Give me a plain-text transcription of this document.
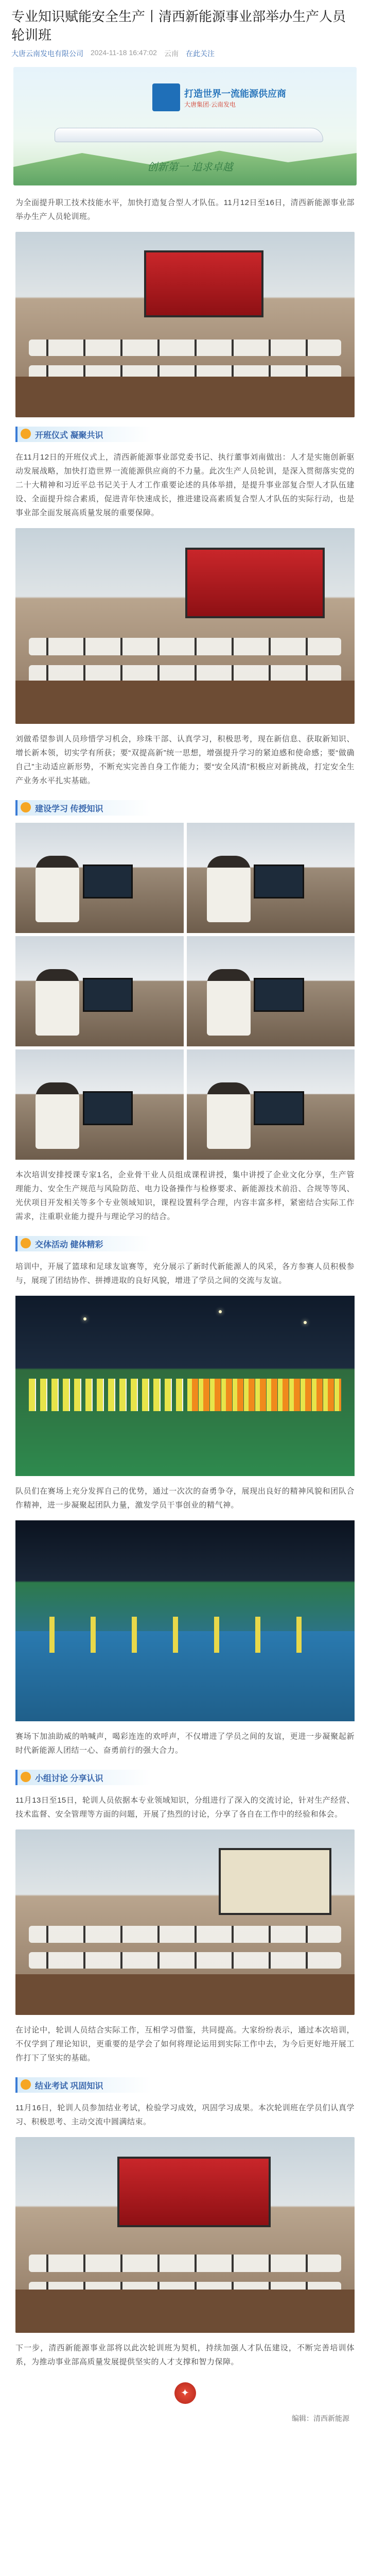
专业知识赋能安全生产丨清西新能源事业部举办生产人员轮训班
大唐云南发电有限公司 2024-11-18 16:47:02 云南 在此关注
打造世界一流能源供应商
大唐集团·云南发电
创新第一 追求卓越
为全面提升职工技术技能水平，加快打造复合型人才队伍。11月12日至16日，清西新能源事业部举办生产人员轮训班。
开班仪式 凝聚共识
在11月12日的开班仪式上，清西新能源事业部党委书记、执行董事刘南做出：人才是实施创新驱动发展战略，加快打造世界一流能源供应商的不力量。此次生产人员轮训，是深入贯彻落实党的二十大精神和习近平总书记关于人才工作重要论述的具体举措，是提升事业部复合型人才队伍建设、全面提升综合素质，促进青年快速成长，推进建设高素质复合型人才队伍的实际行动，也是事业部全面发展高质量发展的重要保障。
刘做希望参训人员珍惜学习机会，珍珠干部、认真学习，积极思考，现在新信息、获取新知识、增长新本领，切实学有所获；要“双提高新”统一思想，增强提升学习的紧迫感和使命感；要“做确自己”主动适应新形势，不断充实完善自身工作能力；要“安全风清”积极应对新挑战，打定安全生产业务水平扎实基础。
建设学习 传授知识
本次培训安排授课专家1名，企业骨干业人员组成课程讲授，集中讲授了企业文化分享，生产管理能力、安全生产规范与风险防范、电力设备操作与检修要求、新能源技术前沿、合规等等风、光伏项目开发相关等多个专业领域知识，课程设置科学合理，内容丰富多样，紧密结合实际工作需求，注重职业能力提升与理论学习的结合。
交体活动 健体精彩
培训中，开展了篮球和足球友谊赛等，充分展示了新时代新能源人的风采，各方参赛人员积极参与，展现了团结协作、拼搏进取的良好风貌，增进了学员之间的交流与友谊。
队员们在赛场上充分发挥自己的优势，通过一次次的奋勇争夺，展现出良好的精神风貌和团队合作精神，进一步凝聚起团队力量，激发学员干事创业的精气神。
赛场下加油助威的呐喊声，喝彩连连的欢呼声，不仅增进了学员之间的友谊，更进一步凝聚起新时代新能源人团结一心、奋勇前行的强大合力。
小组讨论 分享认识
11月13日至15日，轮训人员依据本专业领域知识，分组进行了深入的交流讨论，针对生产经营、技术监督、安全管理等方面的问题，开展了热烈的讨论，分享了各自在工作中的经验和体会。
在讨论中，轮训人员结合实际工作，互相学习借鉴，共同提高。大家纷纷表示，通过本次培训，不仅学到了理论知识，更重要的是学会了如何将理论运用到实际工作中去，为今后更好地开展工作打下了坚实的基础。
结业考试 巩固知识
11月16日，轮训人员参加结业考试，检验学习成效，巩固学习成果。本次轮训班在学员们认真学习、积极思考、主动交流中圆满结束。
下一步，清西新能源事业部将以此次轮训班为契机，持续加强人才队伍建设，不断完善培训体系，为推动事业部高质量发展提供坚实的人才支撑和智力保障。
✦
编辑：清西新能源
